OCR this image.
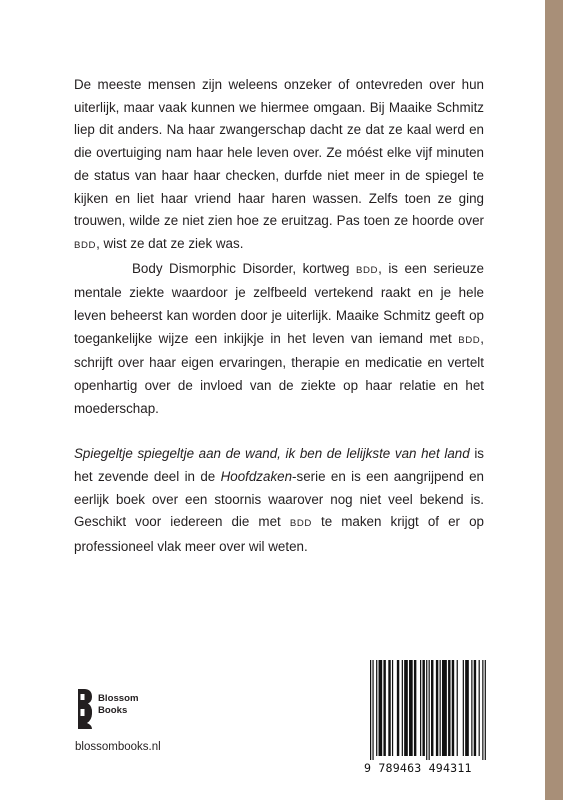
De meeste mensen zijn weleens onzeker of ontevreden over hun uiterlijk, maar vaak kunnen we hiermee omgaan. Bij Maaike Schmitz liep dit anders. Na haar zwangerschap dacht ze dat ze kaal werd en die overtuiging nam haar hele leven over. Ze móést elke vijf minuten de status van haar haar checken, durfde niet meer in de spiegel te kijken en liet haar vriend haar haren wassen. Zelfs toen ze ging trouwen, wilde ze niet zien hoe ze eruitzag. Pas toen ze hoorde over BDD, wist ze dat ze ziek was.

Body Dismorphic Disorder, kortweg BDD, is een serieuze mentale ziekte waardoor je zelfbeeld vertekend raakt en je hele leven beheerst kan worden door je uiterlijk. Maaike Schmitz geeft op toegankelijke wijze een inkijkje in het leven van iemand met BDD, schrijft over haar eigen ervaringen, therapie en medicatie en vertelt openhartig over de invloed van de ziekte op haar relatie en het moederschap.

Spiegeltje spiegeltje aan de wand, ik ben de lelijkste van het land is het zevende deel in de Hoofdzaken-serie en is een aangrijpend en eerlijk boek over een stoornis waarover nog niet veel bekend is. Geschikt voor iedereen die met BDD te maken krijgt of er op professioneel vlak meer over wil weten.

Blossom
Books
blossombooks.nl
9 789463 494311
